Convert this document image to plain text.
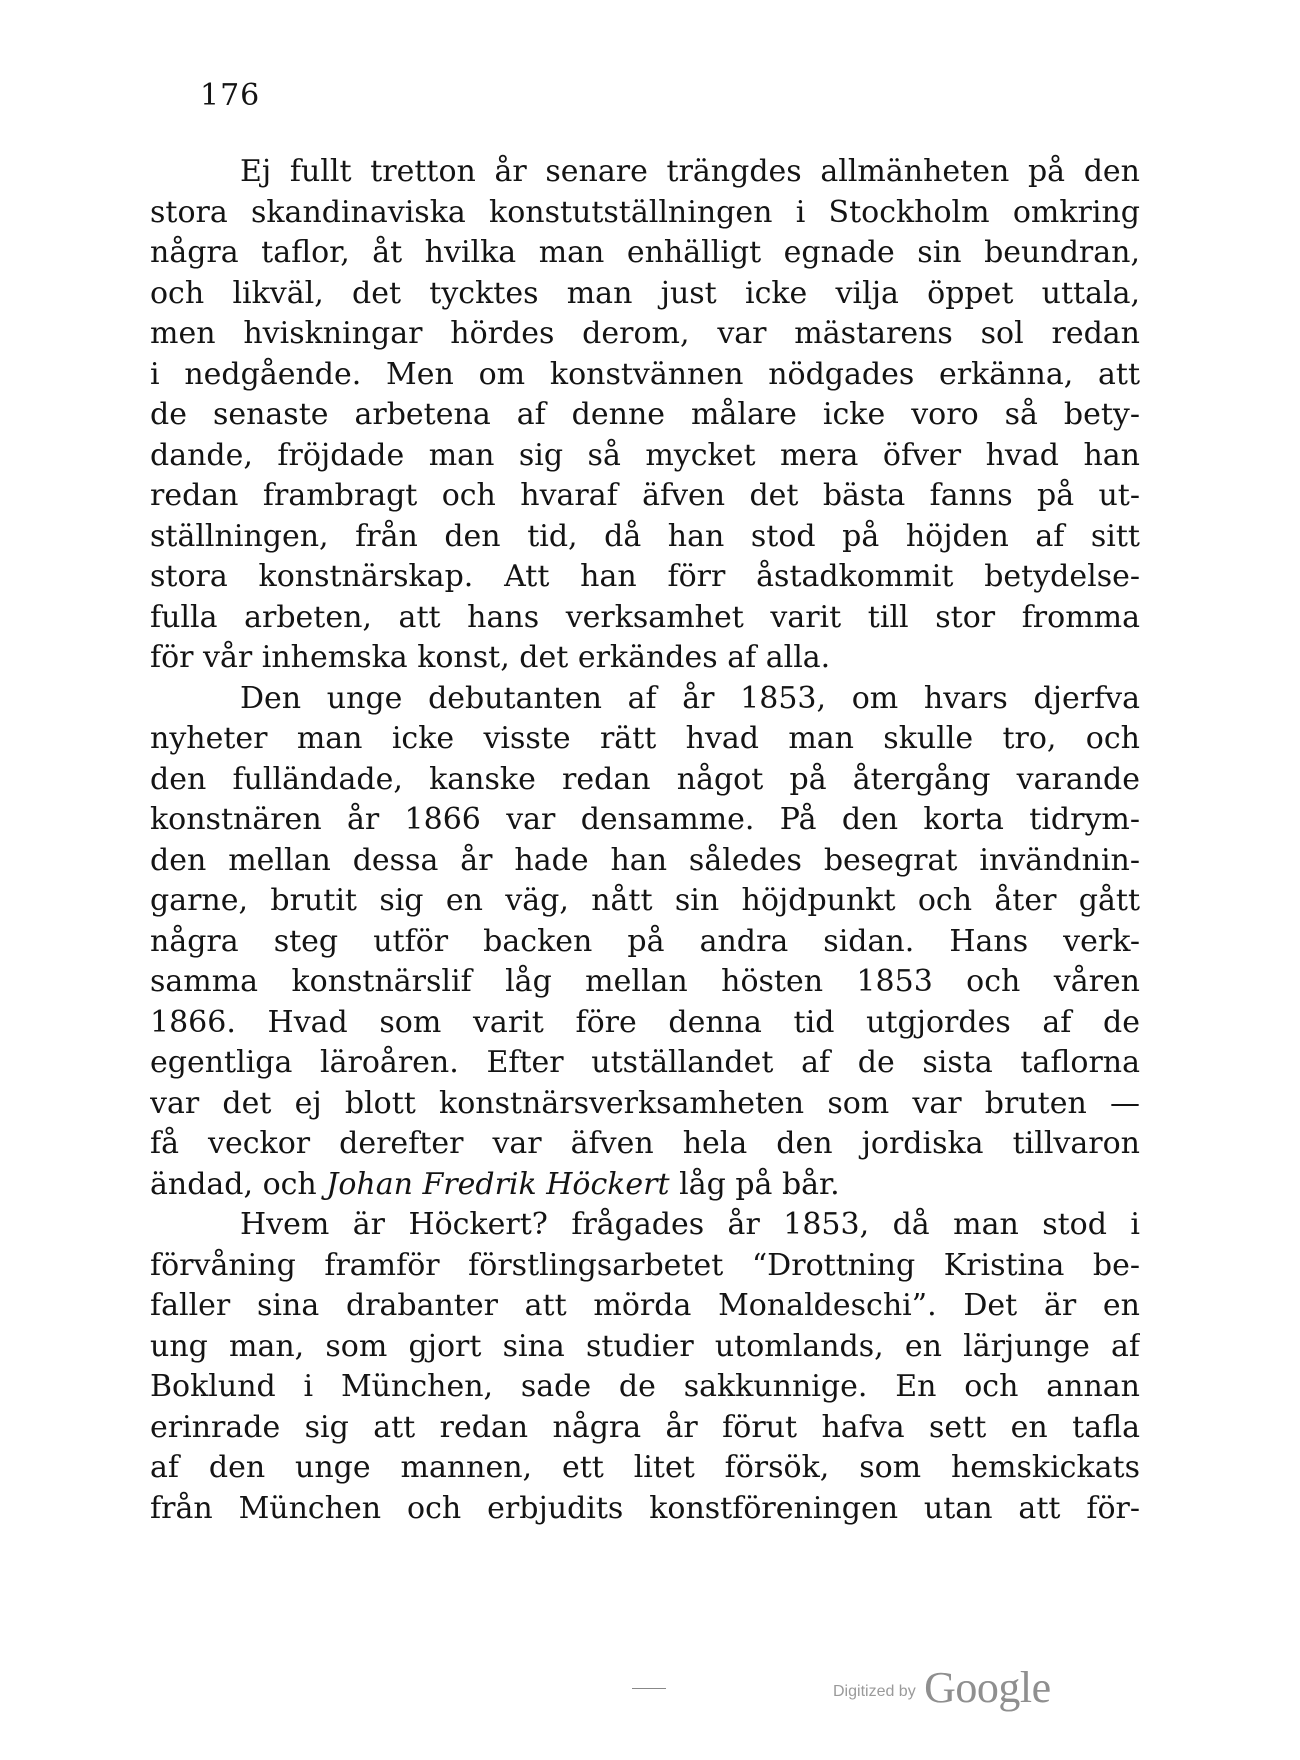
176
Ej fullt tretton år senare trängdes allmänheten på den
stora skandinaviska konstutställningen i Stockholm omkring
några taflor, åt hvilka man enhälligt egnade sin beundran,
och likväl, det tycktes man just icke vilja öppet uttala,
men hviskningar hördes derom, var mästarens sol redan
i nedgående. Men om konstvännen nödgades erkänna, att
de senaste arbetena af denne målare icke voro så bety-
dande, fröjdade man sig så mycket mera öfver hvad han
redan frambragt och hvaraf äfven det bästa fanns på ut-
ställningen, från den tid, då han stod på höjden af sitt
stora konstnärskap. Att han förr åstadkommit betydelse-
fulla arbeten, att hans verksamhet varit till stor fromma
för vår inhemska konst, det erkändes af alla.
Den unge debutanten af år 1853, om hvars djerfva
nyheter man icke visste rätt hvad man skulle tro, och
den fulländade, kanske redan något på återgång varande
konstnären år 1866 var densamme. På den korta tidrym-
den mellan dessa år hade han således besegrat invändnin-
garne, brutit sig en väg, nått sin höjdpunkt och åter gått
några steg utför backen på andra sidan. Hans verk-
samma konstnärslif låg mellan hösten 1853 och våren
1866. Hvad som varit före denna tid utgjordes af de
egentliga läroåren. Efter utställandet af de sista taflorna
var det ej blott konstnärsverksamheten som var bruten —
få veckor derefter var äfven hela den jordiska tillvaron
ändad, och Johan Fredrik Höckert låg på bår.
Hvem är Höckert? frågades år 1853, då man stod i
förvåning framför förstlingsarbetet “Drottning Kristina be-
faller sina drabanter att mörda Monaldeschi”. Det är en
ung man, som gjort sina studier utomlands, en lärjunge af
Boklund i München, sade de sakkunnige. En och annan
erinrade sig att redan några år förut hafva sett en tafla
af den unge mannen, ett litet försök, som hemskickats
från München och erbjudits konstföreningen utan att för-
Digitized by Google
